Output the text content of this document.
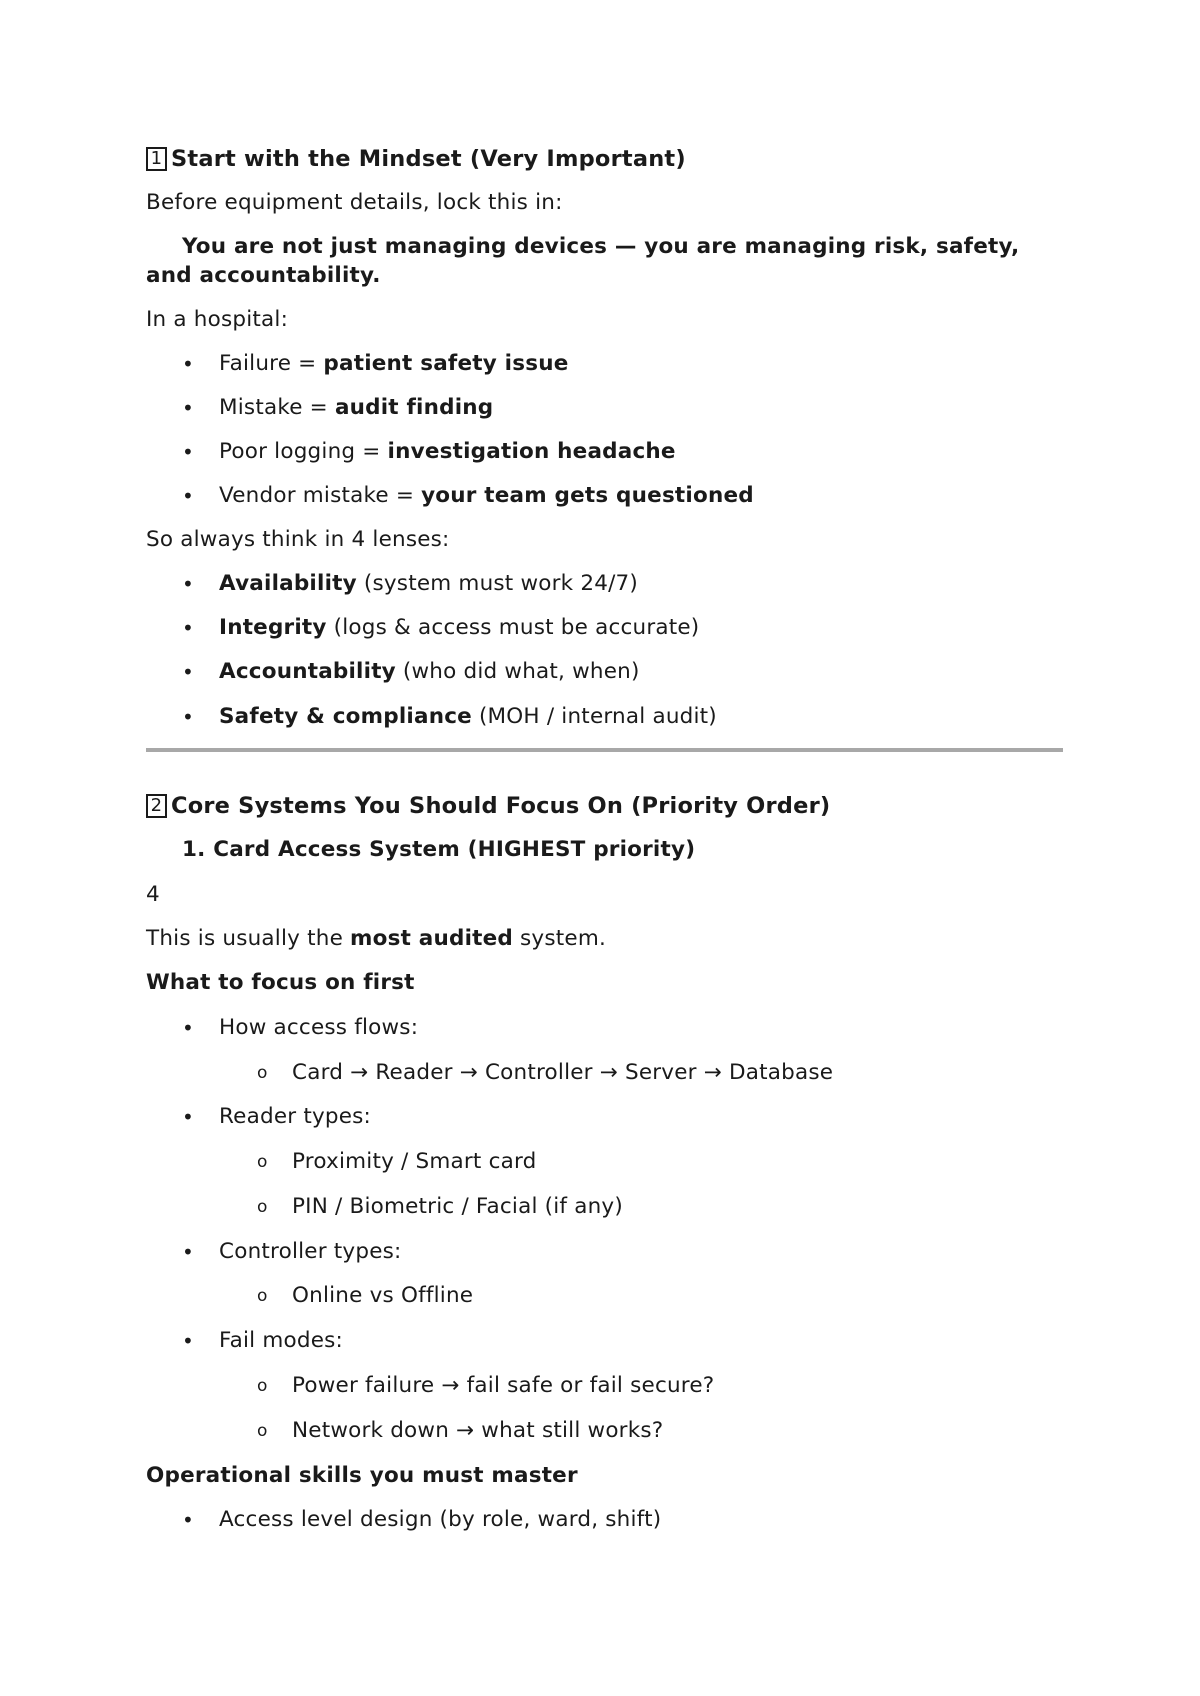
1 Start with the Mindset (Very Important)
Before equipment details, lock this in:
You are not just managing devices — you are managing risk, safety,
and accountability.
In a hospital:
• Failure = patient safety issue
• Mistake = audit finding
• Poor logging = investigation headache
• Vendor mistake = your team gets questioned
So always think in 4 lenses:
• Availability (system must work 24/7)
• Integrity (logs & access must be accurate)
• Accountability (who did what, when)
• Safety & compliance (MOH / internal audit)
2 Core Systems You Should Focus On (Priority Order)
1. Card Access System (HIGHEST priority)
4
This is usually the most audited system.
What to focus on first
• How access flows:
o Card → Reader → Controller → Server → Database
• Reader types:
o Proximity / Smart card
o PIN / Biometric / Facial (if any)
• Controller types:
o Online vs Offline
• Fail modes:
o Power failure → fail safe or fail secure?
o Network down → what still works?
Operational skills you must master
• Access level design (by role, ward, shift)
